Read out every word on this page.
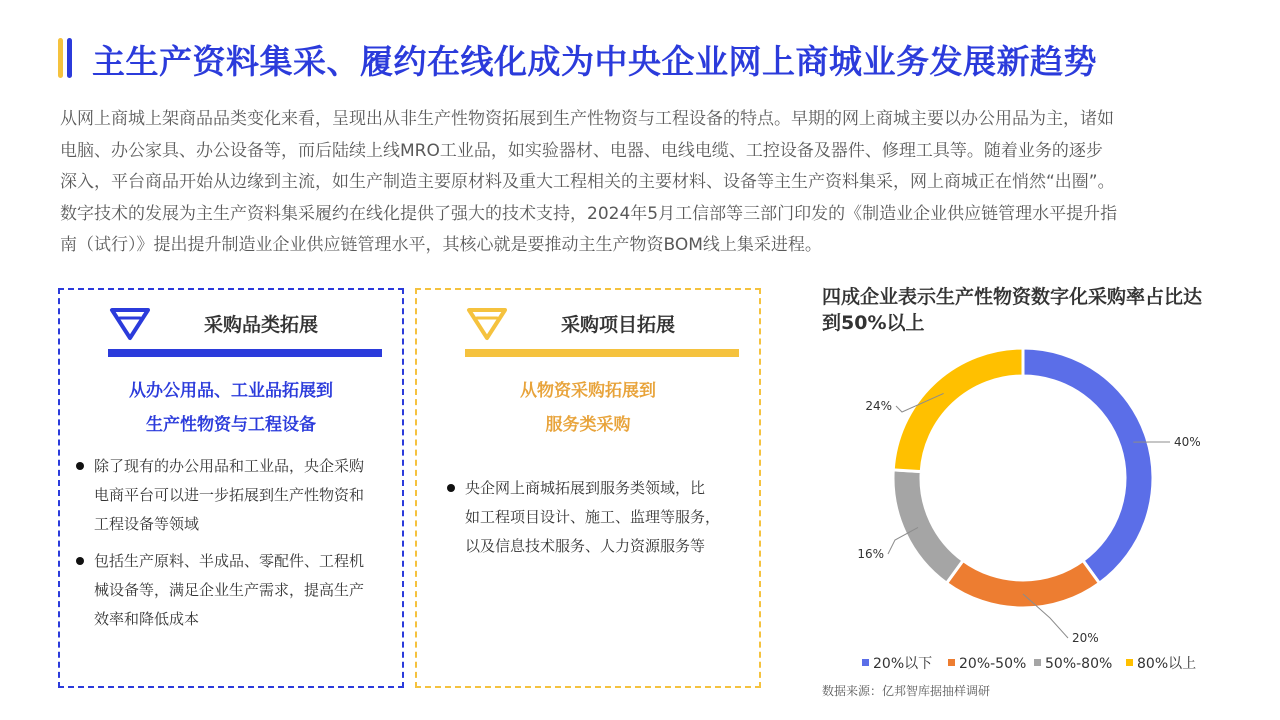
主生产资料集采、履约在线化成为中央企业网上商城业务发展新趋势

从网上商城上架商品品类变化来看，呈现出从非生产性物资拓展到生产性物资与工程设备的特点。早期的网上商城主要以办公用品为主，诸如

电脑、办公家具、办公设备等，而后陆续上线MRO工业品，如实验器材、电器、电线电缆、工控设备及器件、修理工具等。随着业务的逐步

深入，平台商品开始从边缘到主流，如生产制造主要原材料及重大工程相关的主要材料、设备等主生产资料集采，网上商城正在悄然“出圈”。

数字技术的发展为主生产资料集采履约在线化提供了强大的技术支持，2024年5月工信部等三部门印发的《制造业企业供应链管理水平提升指

南（试行）》提出提升制造业企业供应链管理水平，其核心就是要推动主生产物资BOM线上集采进程。

采购品类拓展
从办公用品、工业品拓展到
生产性物资与工程设备
除了现有的办公用品和工业品，央企采购
电商平台可以进一步拓展到生产性物资和
工程设备等领域
包括生产原料、半成品、零配件、工程机
械设备等，满足企业生产需求，提高生产
效率和降低成本
采购项目拓展
从物资采购拓展到
服务类采购
央企网上商城拓展到服务类领域，比
如工程项目设计、施工、监理等服务，
以及信息技术服务、人力资源服务等
四成企业表示生产性物资数字化采购率占比达
到50%以上
40%
20%
16%
24%
20%以下 20%-50% 50%-80% 80%以上
数据来源：亿邦智库据抽样调研
